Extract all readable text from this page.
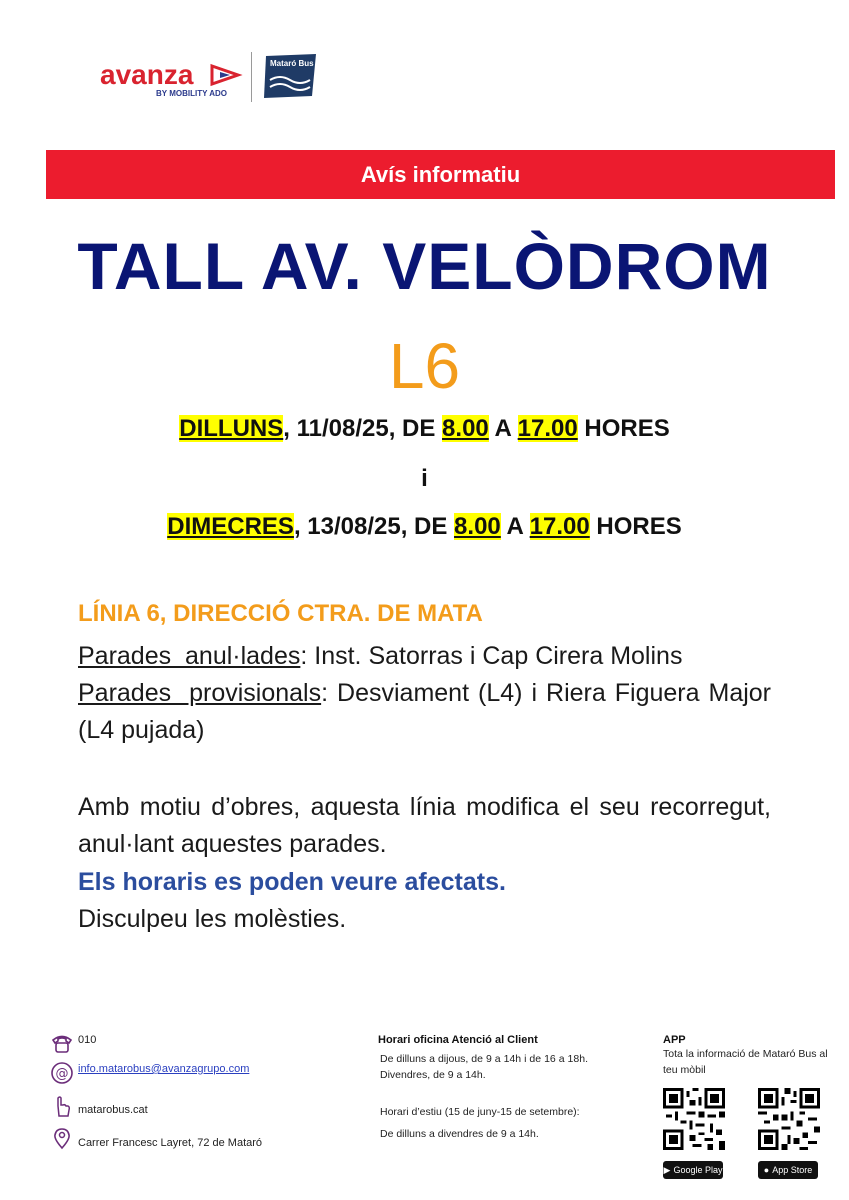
avanza
BY MOBILITY ADO
Mataró Bus
Avís informatiu
TALL AV. VELÒDROM
L6
DILLUNS, 11/08/25, DE 8.00 A 17.00 HORES
i
DIMECRES, 13/08/25, DE 8.00 A 17.00 HORES
LÍNIA 6, DIRECCIÓ CTRA. DE MATA
Parades  anul·lades: Inst. Satorras i Cap Cirera Molins
Parades  provisionals: Desviament (L4) i Riera Figuera Major (L4 pujada)
Amb motiu d’obres, aquesta línia modifica el seu recorregut, anul·lant aquestes parades.
Els horaris es poden veure afectats.
Disculpeu les molèsties.
010
@ info.matarobus@avanzagrupo.com
matarobus.cat
Carrer Francesc Layret, 72 de Mataró
Horari oficina Atenció al Client
De dilluns a dijous, de 9 a 14h i de 16 a 18h. Divendres, de 9 a 14h.
Horari d’estiu (15 de juny-15 de setembre):
De dilluns a divendres de 9 a 14h.
APP
Tota la informació de Mataró Bus al teu mòbil
▶ Google Play	● App Store
